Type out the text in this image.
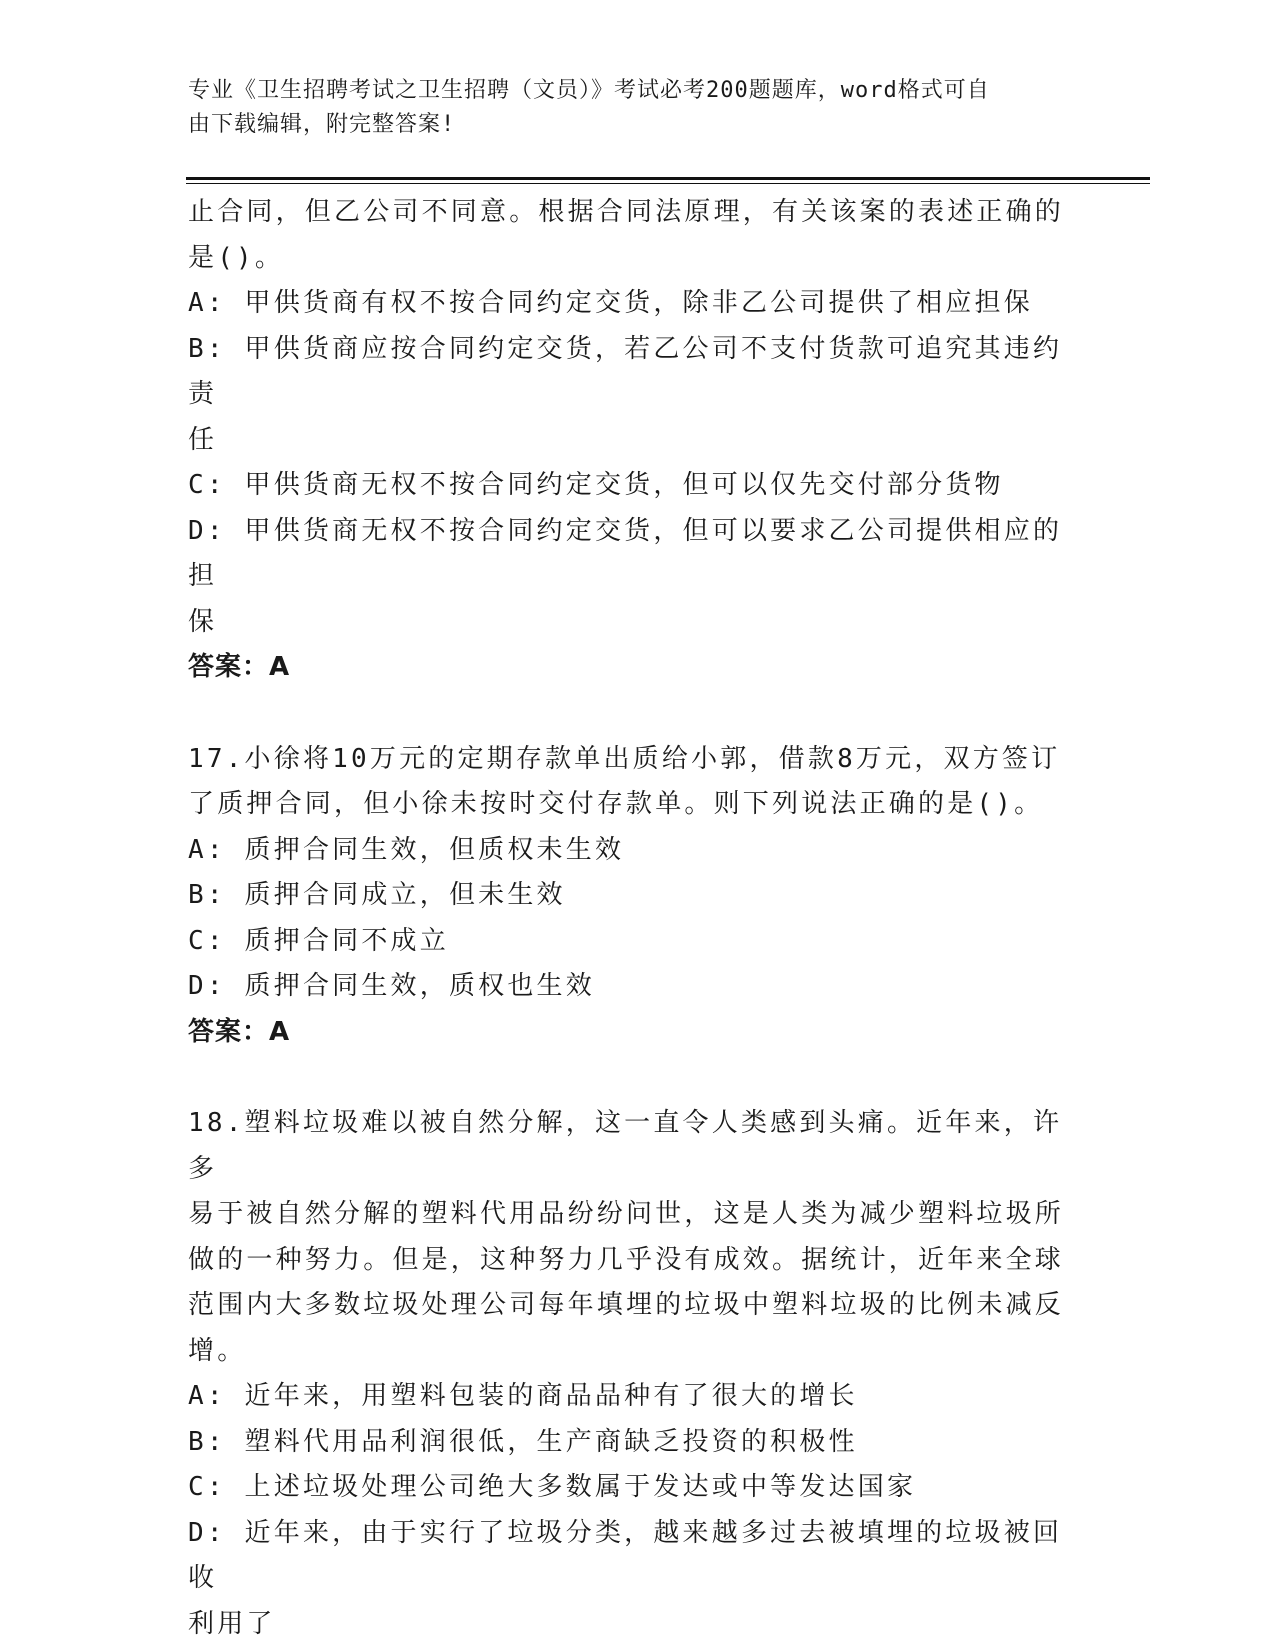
专业《卫生招聘考试之卫生招聘（文员）》考试必考200题题库，word格式可自
由下载编辑，附完整答案!

止合同，但乙公司不同意。根据合同法原理，有关该案的表述正确的

是()。

A: 甲供货商有权不按合同约定交货，除非乙公司提供了相应担保

B: 甲供货商应按合同约定交货，若乙公司不支付货款可追究其违约责

任

C: 甲供货商无权不按合同约定交货，但可以仅先交付部分货物

D: 甲供货商无权不按合同约定交货，但可以要求乙公司提供相应的担

保

答案：A

17.小徐将10万元的定期存款单出质给小郭，借款8万元，双方签订

了质押合同，但小徐未按时交付存款单。则下列说法正确的是()。

A: 质押合同生效，但质权未生效

B: 质押合同成立，但未生效

C: 质押合同不成立

D: 质押合同生效，质权也生效

答案：A

18.塑料垃圾难以被自然分解，这一直令人类感到头痛。近年来，许多

易于被自然分解的塑料代用品纷纷问世，这是人类为减少塑料垃圾所

做的一种努力。但是，这种努力几乎没有成效。据统计，近年来全球

范围内大多数垃圾处理公司每年填埋的垃圾中塑料垃圾的比例未减反

增。

A: 近年来，用塑料包装的商品品种有了很大的增长

B: 塑料代用品利润很低，生产商缺乏投资的积极性

C: 上述垃圾处理公司绝大多数属于发达或中等发达国家

D: 近年来，由于实行了垃圾分类，越来越多过去被填埋的垃圾被回收

利用了
